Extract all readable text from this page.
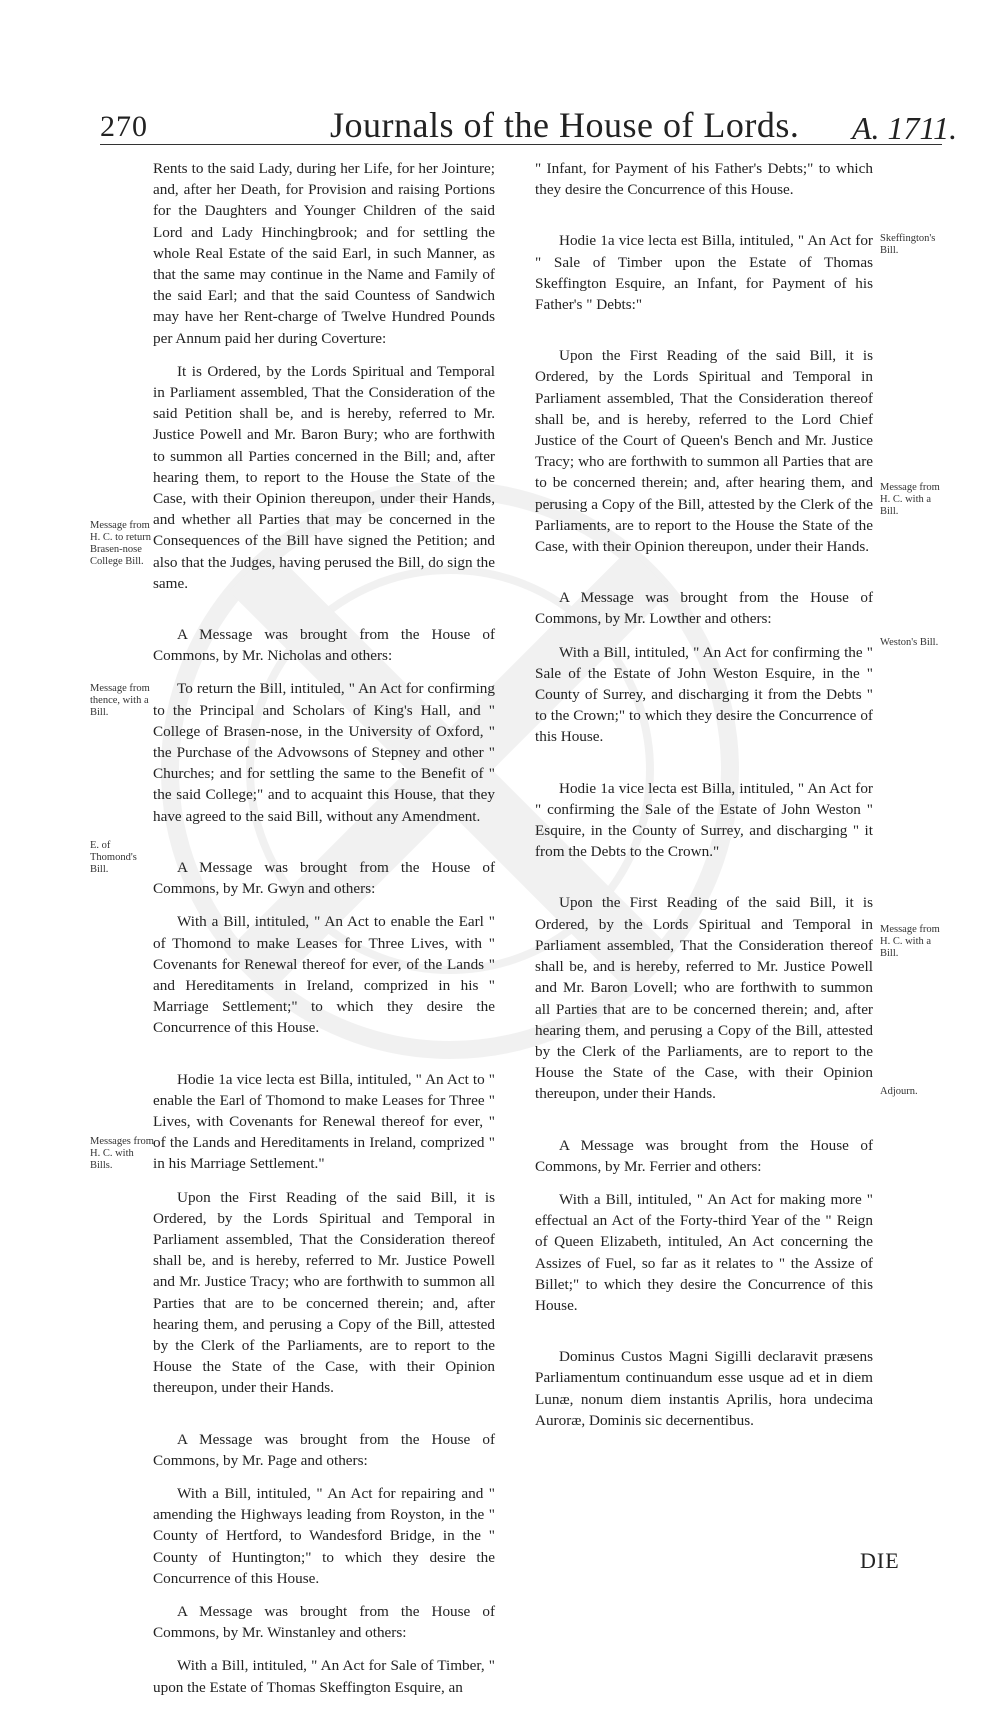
270	Journals of the House of Lords. A. 1711.

Rents to the said Lady, during her Life, for her Jointure; and, after her Death, for Provision and raising Portions for the Daughters and Younger Children of the said Lord and Lady Hinchingbrook; and for settling the whole Real Estate of the said Earl, in such Manner, as that the same may continue in the Name and Family of the said Earl; and that the said Countess of Sandwich may have her Rent-charge of Twelve Hundred Pounds per Annum paid her during Coverture:

It is Ordered, by the Lords Spiritual and Temporal in Parliament assembled, That the Consideration of the said Petition shall be, and is hereby, referred to Mr. Justice Powell and Mr. Baron Bury; who are forthwith to summon all Parties concerned in the Bill; and, after hearing them, to report to the House the State of the Case, with their Opinion thereupon, under their Hands, and whether all Parties that may be concerned in the Consequences of the Bill have signed the Petition; and also that the Judges, having perused the Bill, do sign the same.

A Message was brought from the House of Commons, by Mr. Nicholas and others:

To return the Bill, intituled, " An Act for confirming to the Principal and Scholars of King's Hall, and " College of Brasen-nose, in the University of Oxford, " the Purchase of the Advowsons of Stepney and other " Churches; and for settling the same to the Benefit of " the said College;" and to acquaint this House, that they have agreed to the said Bill, without any Amendment.

A Message was brought from the House of Commons, by Mr. Gwyn and others:

With a Bill, intituled, " An Act to enable the Earl " of Thomond to make Leases for Three Lives, with " Covenants for Renewal thereof for ever, of the Lands " and Hereditaments in Ireland, comprized in his " Marriage Settlement;" to which they desire the Concurrence of this House.

Hodie 1a vice lecta est Billa, intituled, " An Act to " enable the Earl of Thomond to make Leases for Three " Lives, with Covenants for Renewal thereof for ever, " of the Lands and Hereditaments in Ireland, comprized " in his Marriage Settlement."

Upon the First Reading of the said Bill, it is Ordered, by the Lords Spiritual and Temporal in Parliament assembled, That the Consideration thereof shall be, and is hereby, referred to Mr. Justice Powell and Mr. Justice Tracy; who are forthwith to summon all Parties that are to be concerned therein; and, after hearing them, and perusing a Copy of the Bill, attested by the Clerk of the Parliaments, are to report to the House the State of the Case, with their Opinion thereupon, under their Hands.

A Message was brought from the House of Commons, by Mr. Page and others:

With a Bill, intituled, " An Act for repairing and " amending the Highways leading from Royston, in the " County of Hertford, to Wandesford Bridge, in the " County of Huntington;" to which they desire the Concurrence of this House.

A Message was brought from the House of Commons, by Mr. Winstanley and others:

With a Bill, intituled, " An Act for Sale of Timber, " upon the Estate of Thomas Skeffington Esquire, an

" Infant, for Payment of his Father's Debts;" to which they desire the Concurrence of this House.

Hodie 1a vice lecta est Billa, intituled, " An Act for " Sale of Timber upon the Estate of Thomas Skeffington Esquire, an Infant, for Payment of his Father's " Debts:"

Upon the First Reading of the said Bill, it is Ordered, by the Lords Spiritual and Temporal in Parliament assembled, That the Consideration thereof shall be, and is hereby, referred to the Lord Chief Justice of the Court of Queen's Bench and Mr. Justice Tracy; who are forthwith to summon all Parties that are to be concerned therein; and, after hearing them, and perusing a Copy of the Bill, attested by the Clerk of the Parliaments, are to report to the House the State of the Case, with their Opinion thereupon, under their Hands.

A Message was brought from the House of Commons, by Mr. Lowther and others:

With a Bill, intituled, " An Act for confirming the " Sale of the Estate of John Weston Esquire, in the " County of Surrey, and discharging it from the Debts " to the Crown;" to which they desire the Concurrence of this House.

Hodie 1a vice lecta est Billa, intituled, " An Act for " confirming the Sale of the Estate of John Weston " Esquire, in the County of Surrey, and discharging " it from the Debts to the Crown."

Upon the First Reading of the said Bill, it is Ordered, by the Lords Spiritual and Temporal in Parliament assembled, That the Consideration thereof shall be, and is hereby, referred to Mr. Justice Powell and Mr. Baron Lovell; who are forthwith to summon all Parties that are to be concerned therein; and, after hearing them, and perusing a Copy of the Bill, attested by the Clerk of the Parliaments, are to report to the House the State of the Case, with their Opinion thereupon, under their Hands.

A Message was brought from the House of Commons, by Mr. Ferrier and others:

With a Bill, intituled, " An Act for making more " effectual an Act of the Forty-third Year of the " Reign of Queen Elizabeth, intituled, An Act concerning the Assizes of Fuel, so far as it relates to " the Assize of Billet;" to which they desire the Concurrence of this House.

Dominus Custos Magni Sigilli declaravit præsens Parliamentum continuandum esse usque ad et in diem Lunæ, nonum diem instantis Aprilis, hora undecima Auroræ, Dominis sic decernentibus.

Message from H. C. to return Brasen-nose College Bill.
Message from thence, with a Bill.
E. of Thomond's Bill.
Messages from H. C. with Bills.
Skeffington's Bill.
Message from H. C. with a Bill.
Weston's Bill.
Message from H. C. with a Bill.
Adjourn.
DIE
